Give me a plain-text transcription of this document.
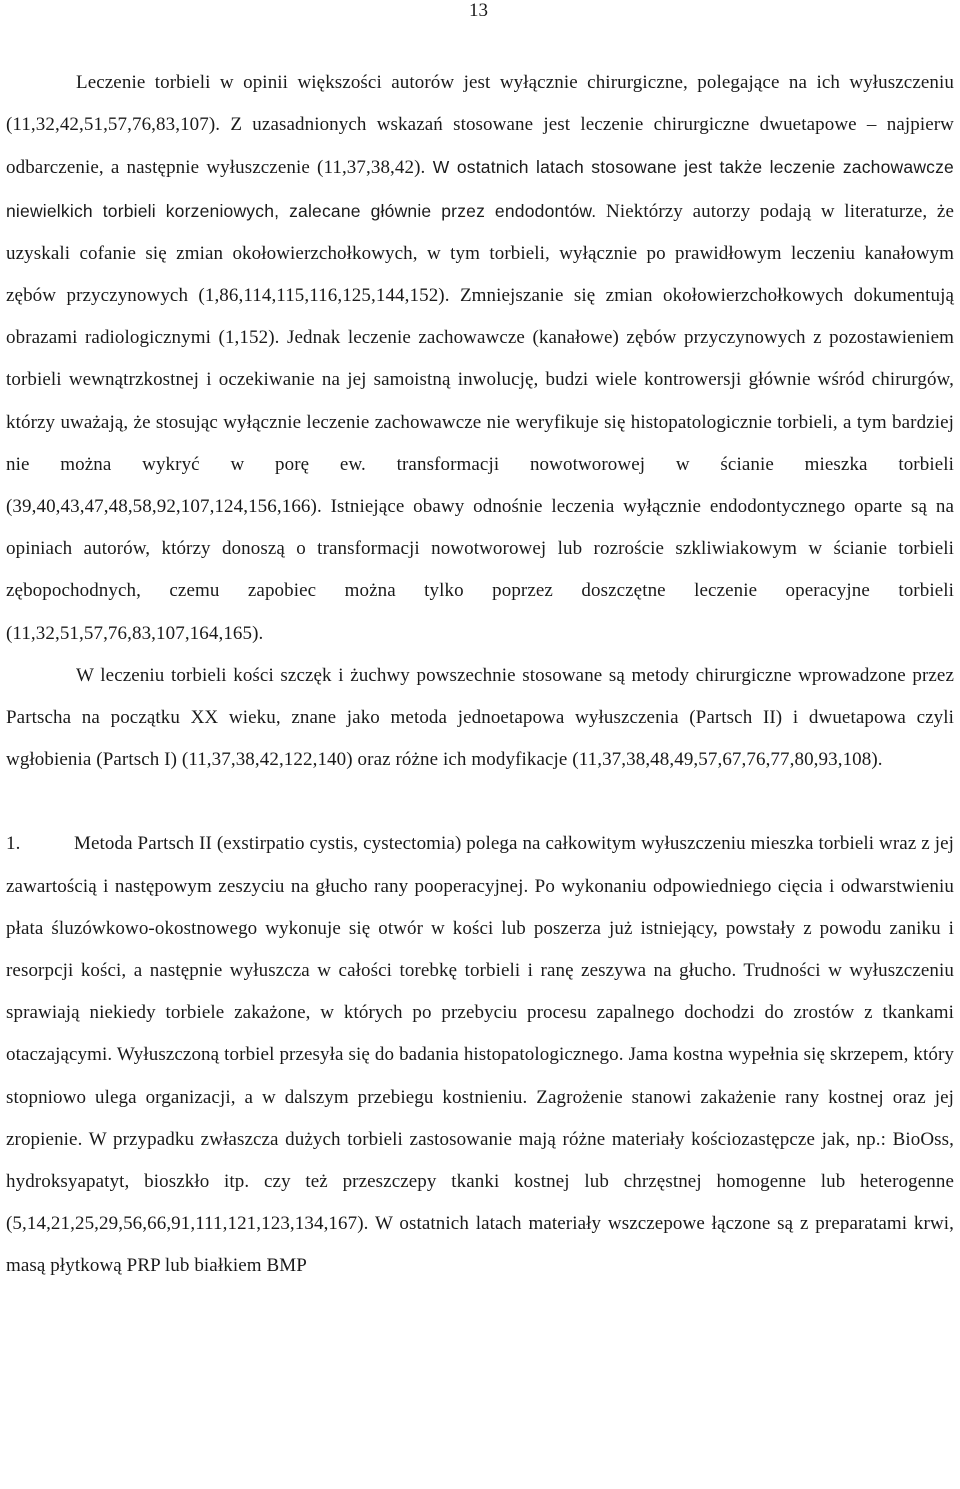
13

Leczenie torbieli w opinii większości autorów jest wyłącznie chirurgiczne, polegające na ich wyłuszczeniu (11,32,42,51,57,76,83,107). Z uzasadnionych wskazań stosowane jest leczenie chirurgiczne dwuetapowe – najpierw odbarczenie, a następnie wyłuszczenie (11,37,38,42). W ostatnich latach stosowane jest także leczenie zachowawcze niewielkich torbieli korzeniowych, zalecane głównie przez endodontów. Niektórzy autorzy podają w literaturze, że uzyskali cofanie się zmian okołowierzchołkowych, w tym torbieli, wyłącznie po prawidłowym leczeniu kanałowym zębów przyczynowych (1,86,114,115,116,125,144,152). Zmniejszanie się zmian okołowierzchołkowych dokumentują obrazami radiologicznymi (1,152). Jednak leczenie zachowawcze (kanałowe) zębów przyczynowych z pozostawieniem torbieli wewnątrzkostnej i oczekiwanie na jej samoistną inwolucję, budzi wiele kontrowersji głównie wśród chirurgów, którzy uważają, że stosując wyłącznie leczenie zachowawcze nie weryfikuje się histopatologicznie torbieli, a tym bardziej nie można wykryć w porę ew. transformacji nowotworowej w ścianie mieszka torbieli (39,40,43,47,48,58,92,107,124,156,166). Istniejące obawy odnośnie leczenia wyłącznie endodontycznego oparte są na opiniach autorów, którzy donoszą o transformacji nowotworowej lub rozroście szkliwiakowym w ścianie torbieli zębopochodnych, czemu zapobiec można tylko poprzez doszczętne leczenie operacyjne torbieli (11,32,51,57,76,83,107,164,165).

W leczeniu torbieli kości szczęk i żuchwy powszechnie stosowane są metody chirurgiczne wprowadzone przez Partscha na początku XX wieku, znane jako metoda jednoetapowa wyłuszczenia (Partsch II) i dwuetapowa czyli wgłobienia (Partsch I) (11,37,38,42,122,140) oraz różne ich modyfikacje (11,37,38,48,49,57,67,76,77,80,93,108).

1.	Metoda Partsch II (exstirpatio cystis, cystectomia) polega na całkowitym wyłuszczeniu mieszka torbieli wraz z jej zawartością i następowym zeszyciu na głucho rany pooperacyjnej. Po wykonaniu odpowiedniego cięcia i odwarstwieniu płata śluzówkowo-okostnowego wykonuje się otwór w kości lub poszerza już istniejący, powstały z powodu zaniku i resorpcji kości, a następnie wyłuszcza w całości torebkę torbieli i ranę zeszywa na głucho. Trudności w wyłuszczeniu sprawiają niekiedy torbiele zakażone, w których po przebyciu procesu zapalnego dochodzi do zrostów z tkankami otaczającymi. Wyłuszczoną torbiel przesyła się do badania histopatologicznego. Jama kostna wypełnia się skrzepem, który stopniowo ulega organizacji, a w dalszym przebiegu kostnieniu. Zagrożenie stanowi zakażenie rany kostnej oraz jej zropienie. W przypadku zwłaszcza dużych torbieli zastosowanie mają różne materiały kościozastępcze jak, np.: BioOss, hydroksyapatyt, bioszkło itp. czy też przeszczepy tkanki kostnej lub chrzęstnej homogenne lub heterogenne (5,14,21,25,29,56,66,91,111,121,123,134,167). W ostatnich latach materiały wszczepowe łączone są z preparatami krwi, masą płytkową PRP lub białkiem BMP
